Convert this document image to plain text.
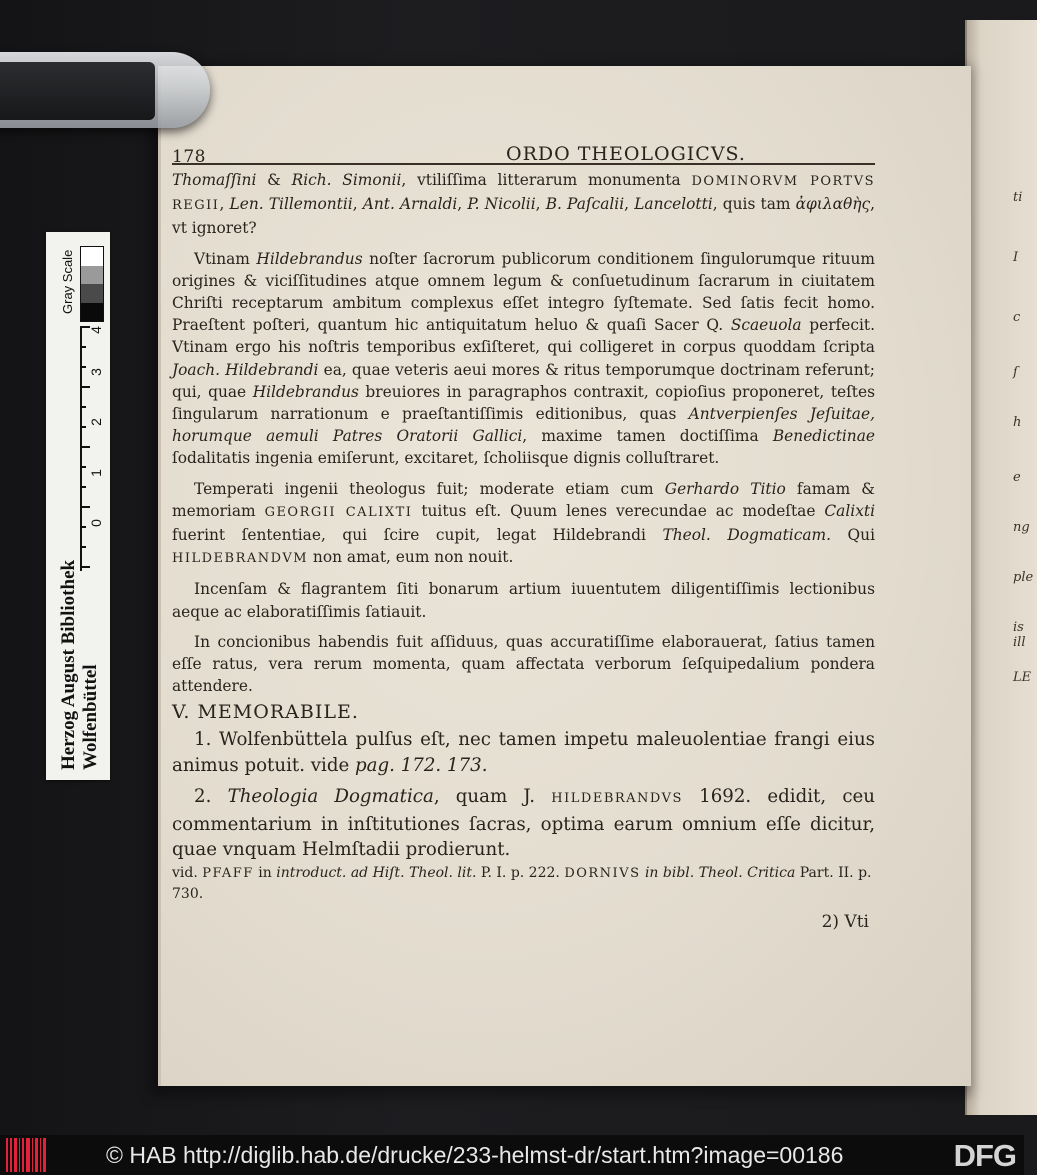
ti
I
c
ſ
h
e
ng
ple
is ill
LE
178	ORDO THEOLOGICVS.

Thomaſſini & Rich. Simonii, vtiliſſima litterarum monumenta DOMINORVM PORTVS REGII, Len. Tillemontii, Ant. Arnaldi, P. Nicolii, B. Paſcalii, Lancelotti, quis tam ἀφιλαθὴς, vt ignoret?

Vtinam Hildebrandus noſter ſacrorum publicorum conditionem ſingulorumque rituum origines & viciſſitudines atque omnem legum & conſuetudinum ſacrarum in ciuitatem Chriſti receptarum ambitum complexus eſſet integro ſyſtemate. Sed ſatis fecit homo. Praeſtent poſteri, quantum hic antiquitatum heluo & quaſi Sacer Q. Scaeuola perfecit. Vtinam ergo his noſtris temporibus exſiſteret, qui colligeret in corpus quoddam ſcripta Joach. Hildebrandi ea, quae veteris aeui mores & ritus temporumque doctrinam referunt; qui, quae Hildebrandus breuiores in paragraphos contraxit, copioſius proponeret, teſtes ſingularum narrationum e praeſtantiſſimis editionibus, quas Antverpienſes Jeſuitae, horumque aemuli Patres Oratorii Gallici, maxime tamen doctiſſima Benedictinae ſodalitatis ingenia emiſerunt, excitaret, ſcholiisque dignis colluſtraret.

Temperati ingenii theologus fuit; moderate etiam cum Gerhardo Titio famam & memoriam GEORGII CALIXTI tuitus eſt. Quum lenes verecundae ac modeſtae Calixti fuerint ſententiae, qui ſcire cupit, legat Hildebrandi Theol. Dogmaticam. Qui HILDEBRANDVM non amat, eum non nouit.

Incenſam & flagrantem ſiti bonarum artium iuuentutem diligentiſſimis lectionibus aeque ac elaboratiſſimis ſatiauit.

In concionibus habendis fuit aſſiduus, quas accuratiſſime elaborauerat, ſatius tamen eſſe ratus, vera rerum momenta, quam affectata verborum ſeſquipedalium pondera attendere.

V. MEMORABILE.

1. Wolfenbüttela pulſus eſt, nec tamen impetu maleuolentiae frangi eius animus potuit. vide pag. 172. 173.

2. Theologia Dogmatica, quam J. HILDEBRANDVS 1692. edidit, ceu commentarium in inſtitutiones ſacras, optima earum omnium eſſe dicitur, quae vnquam Helmſtadii prodierunt.

vid. PFAFF in introduct. ad Hiſt. Theol. lit. P. I. p. 222. DORNIVS in bibl. Theol. Critica Part. II. p. 730.

2) Vti
Gray Scale
0
1
2
3
4
Herzog August Bibliothek Wolfenbüttel
© HAB http://diglib.hab.de/drucke/233-helmst-dr/start.htm?image=00186	DFG
